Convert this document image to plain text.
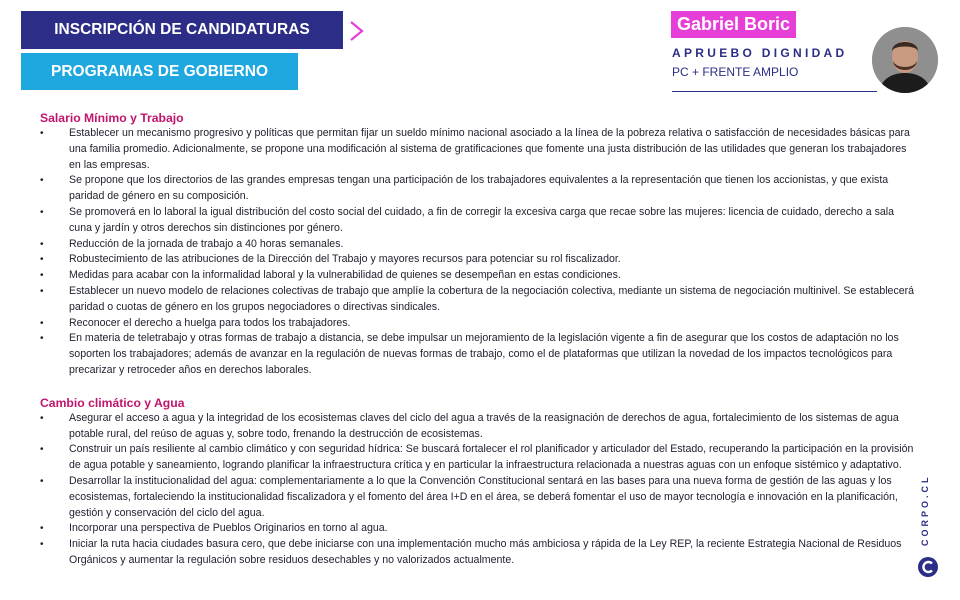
INSCRIPCIÓN DE CANDIDATURAS
PROGRAMAS DE GOBIERNO
Gabriel Boric
APRUEBO DIGNIDAD
PC + FRENTE AMPLIO
Salario Mínimo y Trabajo
• Establecer un mecanismo progresivo y políticas que permitan fijar un sueldo mínimo nacional asociado a la línea de la pobreza relativa o satisfacción de necesidades básicas para una familia promedio. Adicionalmente, se propone una modificación al sistema de gratificaciones que fomente una justa distribución de las utilidades que generan los trabajadores en las empresas.
• Se propone que los directorios de las grandes empresas tengan una participación de los trabajadores equivalentes a la representación que tienen los accionistas, y que exista paridad de género en su composición.
• Se promoverá en lo laboral la igual distribución del costo social del cuidado, a fin de corregir la excesiva carga que recae sobre las mujeres: licencia de cuidado, derecho a sala cuna y jardín y otros derechos sin distinciones por género.
• Reducción de la jornada de trabajo a 40 horas semanales.
• Robustecimiento de las atribuciones de la Dirección del Trabajo y mayores recursos para potenciar su rol fiscalizador.
• Medidas para acabar con la informalidad laboral y la vulnerabilidad de quienes se desempeñan en estas condiciones.
• Establecer un nuevo modelo de relaciones colectivas de trabajo que amplíe la cobertura de la negociación colectiva, mediante un sistema de negociación multinivel. Se establecerá paridad o cuotas de género en los grupos negociadores o directivas sindicales.
• Reconocer el derecho a huelga para todos los trabajadores.
• En materia de teletrabajo y otras formas de trabajo a distancia, se debe impulsar un mejoramiento de la legislación vigente a fin de asegurar que los costos de adaptación no los soporten los trabajadores; además de avanzar en la regulación de nuevas formas de trabajo, como el de plataformas que utilizan la novedad de los impactos tecnológicos para precarizar y retroceder años en derechos laborales.
Cambio climático y Agua
• Asegurar el acceso a agua y la integridad de los ecosistemas claves del ciclo del agua a través de la reasignación de derechos de agua, fortalecimiento de los sistemas de agua potable rural, del reúso de aguas y, sobre todo, frenando la destrucción de ecosistemas.
• Construir un país resiliente al cambio climático y con seguridad hídrica: Se buscará fortalecer el rol planificador y articulador del Estado, recuperando la participación en la provisión de agua potable y saneamiento, logrando planificar la infraestructura crítica y en particular la infraestructura relacionada a nuestras aguas con un enfoque sistémico y adaptativo.
• Desarrollar la institucionalidad del agua: complementariamente a lo que la Convención Constitucional sentará en las bases para una nueva forma de gestión de las aguas y los ecosistemas, fortaleciendo la institucionalidad fiscalizadora y el fomento del área I+D en el área, se deberá fomentar el uso de mayor tecnología e innovación en la planificación, gestión y conservación del ciclo del agua.
• Incorporar una perspectiva de Pueblos Originarios en torno al agua.
• Iniciar la ruta hacia ciudades basura cero, que debe iniciarse con una implementación mucho más ambiciosa y rápida de la Ley REP, la reciente Estrategia Nacional de Residuos Orgánicos y aumentar la regulación sobre residuos desechables y no valorizados actualmente.
CORPO.CL
